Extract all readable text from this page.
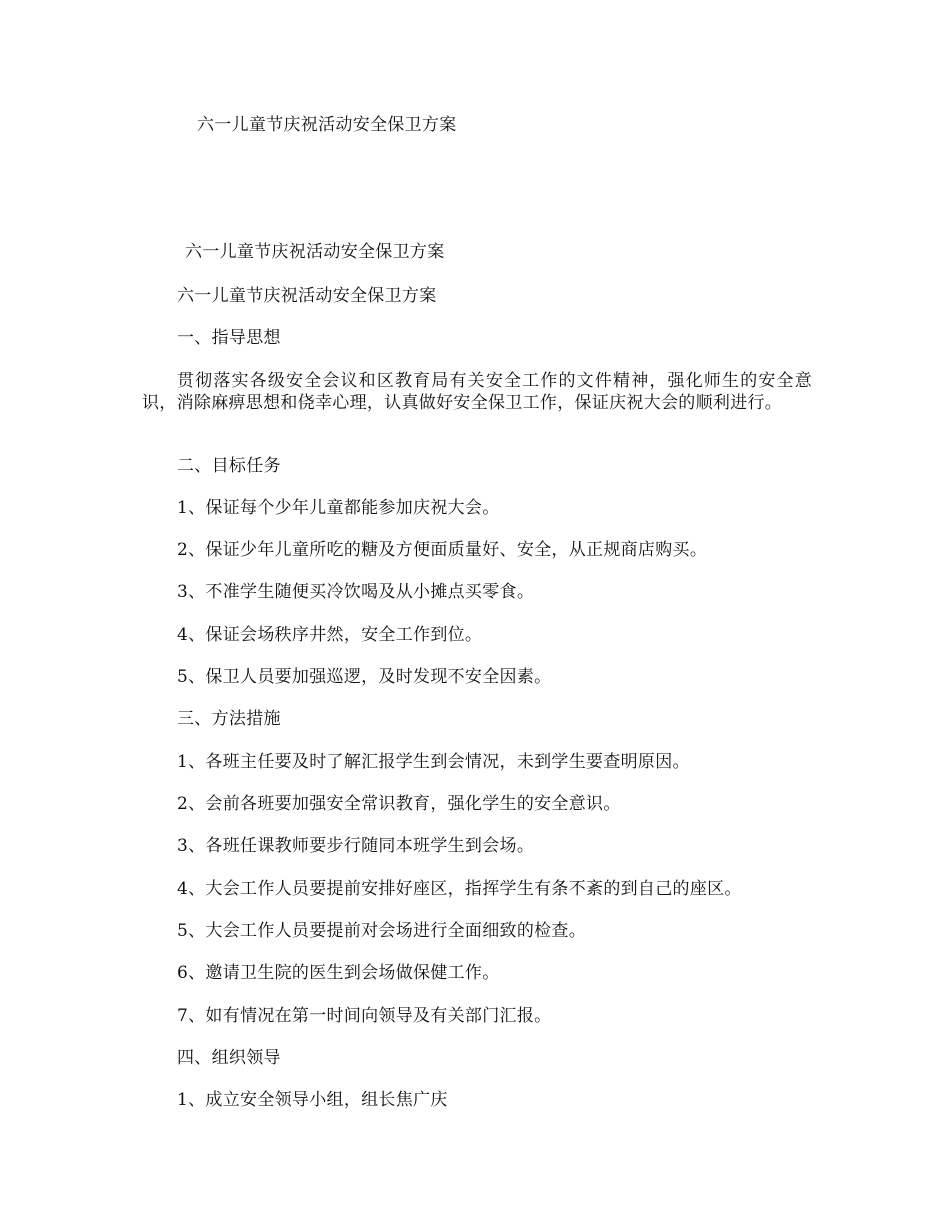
六一儿童节庆祝活动安全保卫方案

六一儿童节庆祝活动安全保卫方案

六一儿童节庆祝活动安全保卫方案

一、指导思想

贯彻落实各级安全会议和区教育局有关安全工作的文件精神，强化师生的安全意识，消除麻痹思想和侥幸心理，认真做好安全保卫工作，保证庆祝大会的顺利进行。

二、目标任务

1、保证每个少年儿童都能参加庆祝大会。

2、保证少年儿童所吃的糖及方便面质量好、安全，从正规商店购买。

3、不准学生随便买冷饮喝及从小摊点买零食。

4、保证会场秩序井然，安全工作到位。

5、保卫人员要加强巡逻，及时发现不安全因素。

三、方法措施

1、各班主任要及时了解汇报学生到会情况，未到学生要查明原因。

2、会前各班要加强安全常识教育，强化学生的安全意识。

3、各班任课教师要步行随同本班学生到会场。

4、大会工作人员要提前安排好座区，指挥学生有条不紊的到自己的座区。

5、大会工作人员要提前对会场进行全面细致的检查。

6、邀请卫生院的医生到会场做保健工作。

7、如有情况在第一时间向领导及有关部门汇报。

四、组织领导

1、成立安全领导小组，组长焦广庆
